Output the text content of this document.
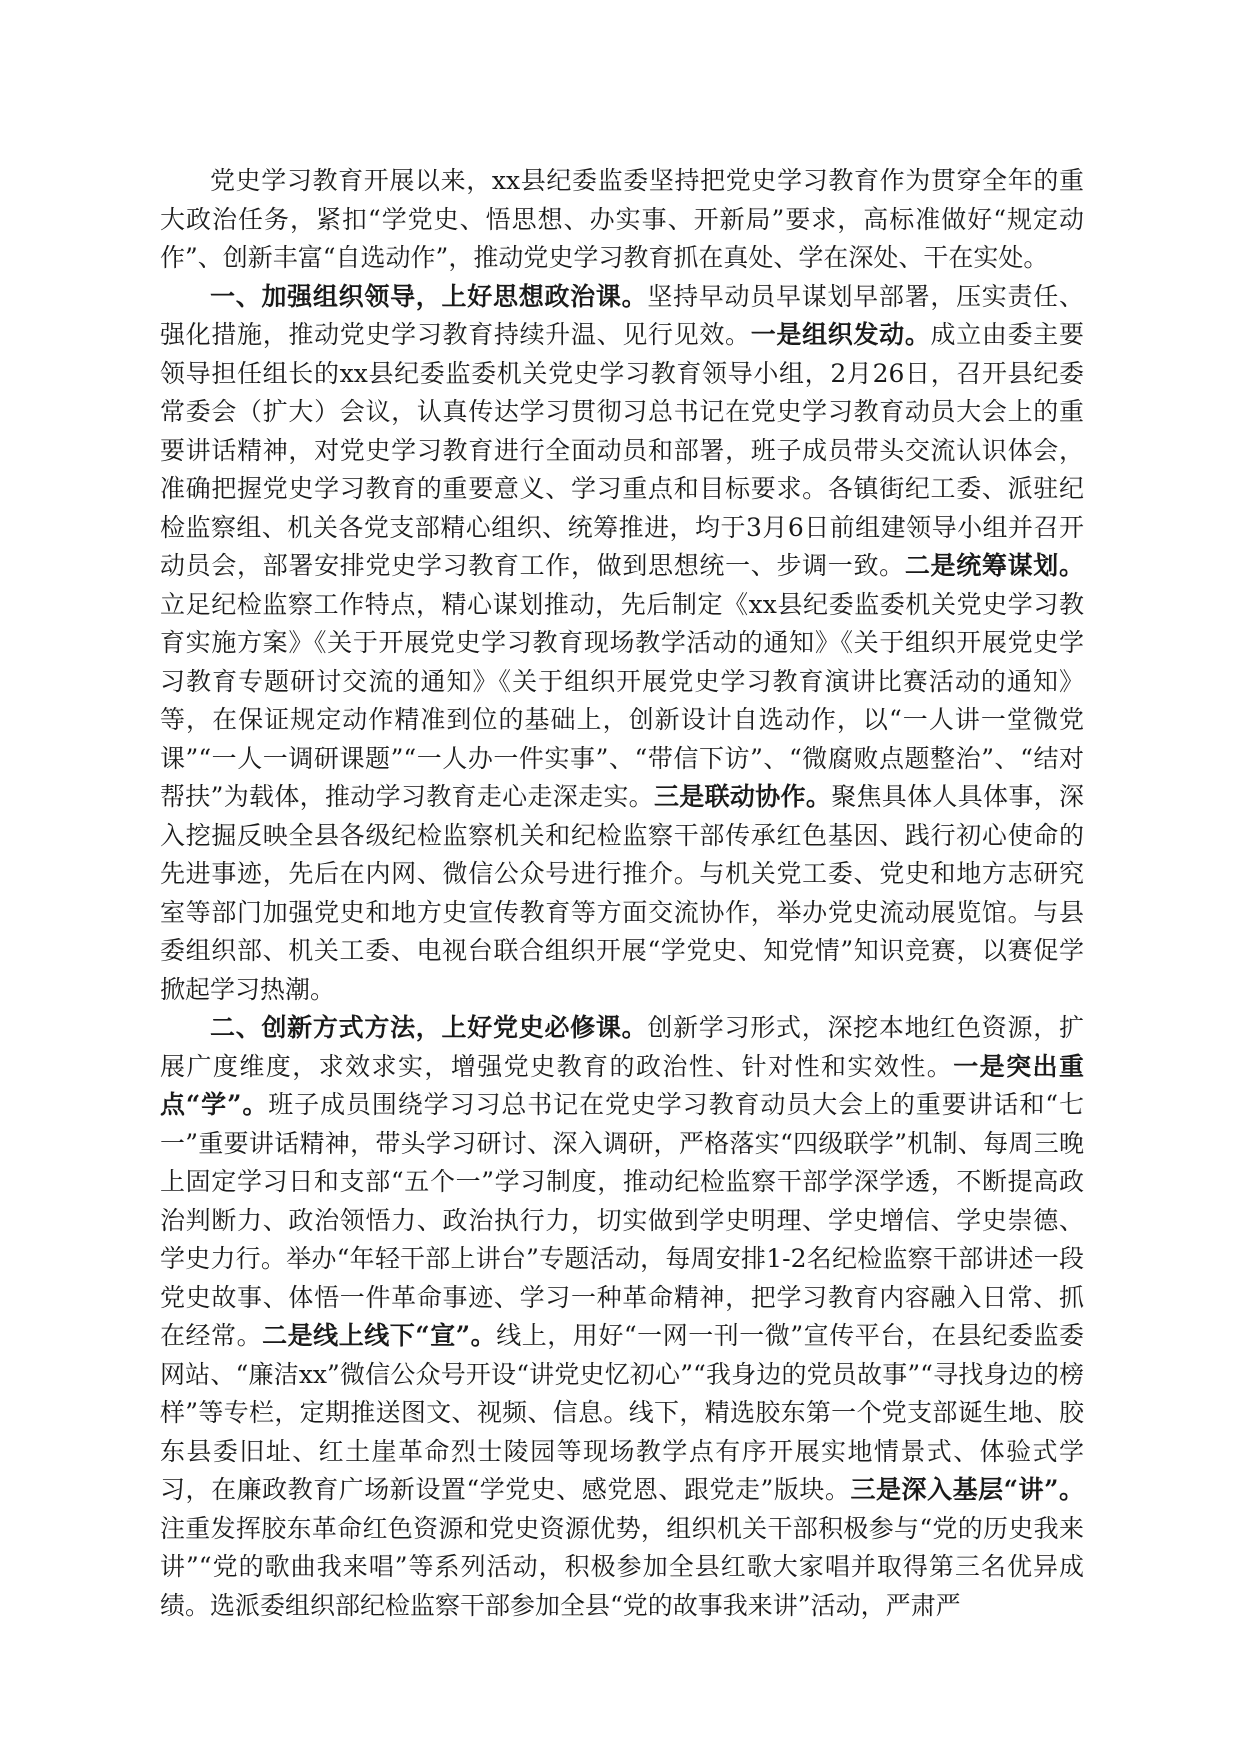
党史学习教育开展以来，xx县纪委监委坚持把党史学习教育作为贯穿全年的重大政治任务，紧扣“学党史、悟思想、办实事、开新局”要求，高标准做好“规定动作”、创新丰富“自选动作”，推动党史学习教育抓在真处、学在深处、干在实处。

一、加强组织领导，上好思想政治课。坚持早动员早谋划早部署，压实责任、强化措施，推动党史学习教育持续升温、见行见效。一是组织发动。成立由委主要领导担任组长的xx县纪委监委机关党史学习教育领导小组，2月26日，召开县纪委常委会（扩大）会议，认真传达学习贯彻习总书记在党史学习教育动员大会上的重要讲话精神，对党史学习教育进行全面动员和部署，班子成员带头交流认识体会，准确把握党史学习教育的重要意义、学习重点和目标要求。各镇街纪工委、派驻纪检监察组、机关各党支部精心组织、统筹推进，均于3月6日前组建领导小组并召开动员会，部署安排党史学习教育工作，做到思想统一、步调一致。二是统筹谋划。立足纪检监察工作特点，精心谋划推动，先后制定《xx县纪委监委机关党史学习教育实施方案》《关于开展党史学习教育现场教学活动的通知》《关于组织开展党史学习教育专题研讨交流的通知》《关于组织开展党史学习教育演讲比赛活动的通知》等，在保证规定动作精准到位的基础上，创新设计自选动作，以“一人讲一堂微党课”“一人一调研课题”“一人办一件实事”、“带信下访”、“微腐败点题整治”、“结对帮扶”为载体，推动学习教育走心走深走实。三是联动协作。聚焦具体人具体事，深入挖掘反映全县各级纪检监察机关和纪检监察干部传承红色基因、践行初心使命的先进事迹，先后在内网、微信公众号进行推介。与机关党工委、党史和地方志研究室等部门加强党史和地方史宣传教育等方面交流协作，举办党史流动展览馆。与县委组织部、机关工委、电视台联合组织开展“学党史、知党情”知识竞赛，以赛促学掀起学习热潮。

二、创新方式方法，上好党史必修课。创新学习形式，深挖本地红色资源，扩展广度维度，求效求实，增强党史教育的政治性、针对性和实效性。一是突出重点“学”。班子成员围绕学习习总书记在党史学习教育动员大会上的重要讲话和“七一”重要讲话精神，带头学习研讨、深入调研，严格落实“四级联学”机制、每周三晚上固定学习日和支部“五个一”学习制度，推动纪检监察干部学深学透，不断提高政治判断力、政治领悟力、政治执行力，切实做到学史明理、学史增信、学史崇德、学史力行。举办“年轻干部上讲台”专题活动，每周安排1-2名纪检监察干部讲述一段党史故事、体悟一件革命事迹、学习一种革命精神，把学习教育内容融入日常、抓在经常。二是线上线下“宣”。线上，用好“一网一刊一微”宣传平台，在县纪委监委网站、“廉洁xx”微信公众号开设“讲党史忆初心”“我身边的党员故事”“寻找身边的榜样”等专栏，定期推送图文、视频、信息。线下，精选胶东第一个党支部诞生地、胶东县委旧址、红土崖革命烈士陵园等现场教学点有序开展实地情景式、体验式学习，在廉政教育广场新设置“学党史、感党恩、跟党走”版块。三是深入基层“讲”。注重发挥胶东革命红色资源和党史资源优势，组织机关干部积极参与“党的历史我来讲”“党的歌曲我来唱”等系列活动，积极参加全县红歌大家唱并取得第三名优异成绩。选派委组织部纪检监察干部参加全县“党的故事我来讲”活动，严肃严
